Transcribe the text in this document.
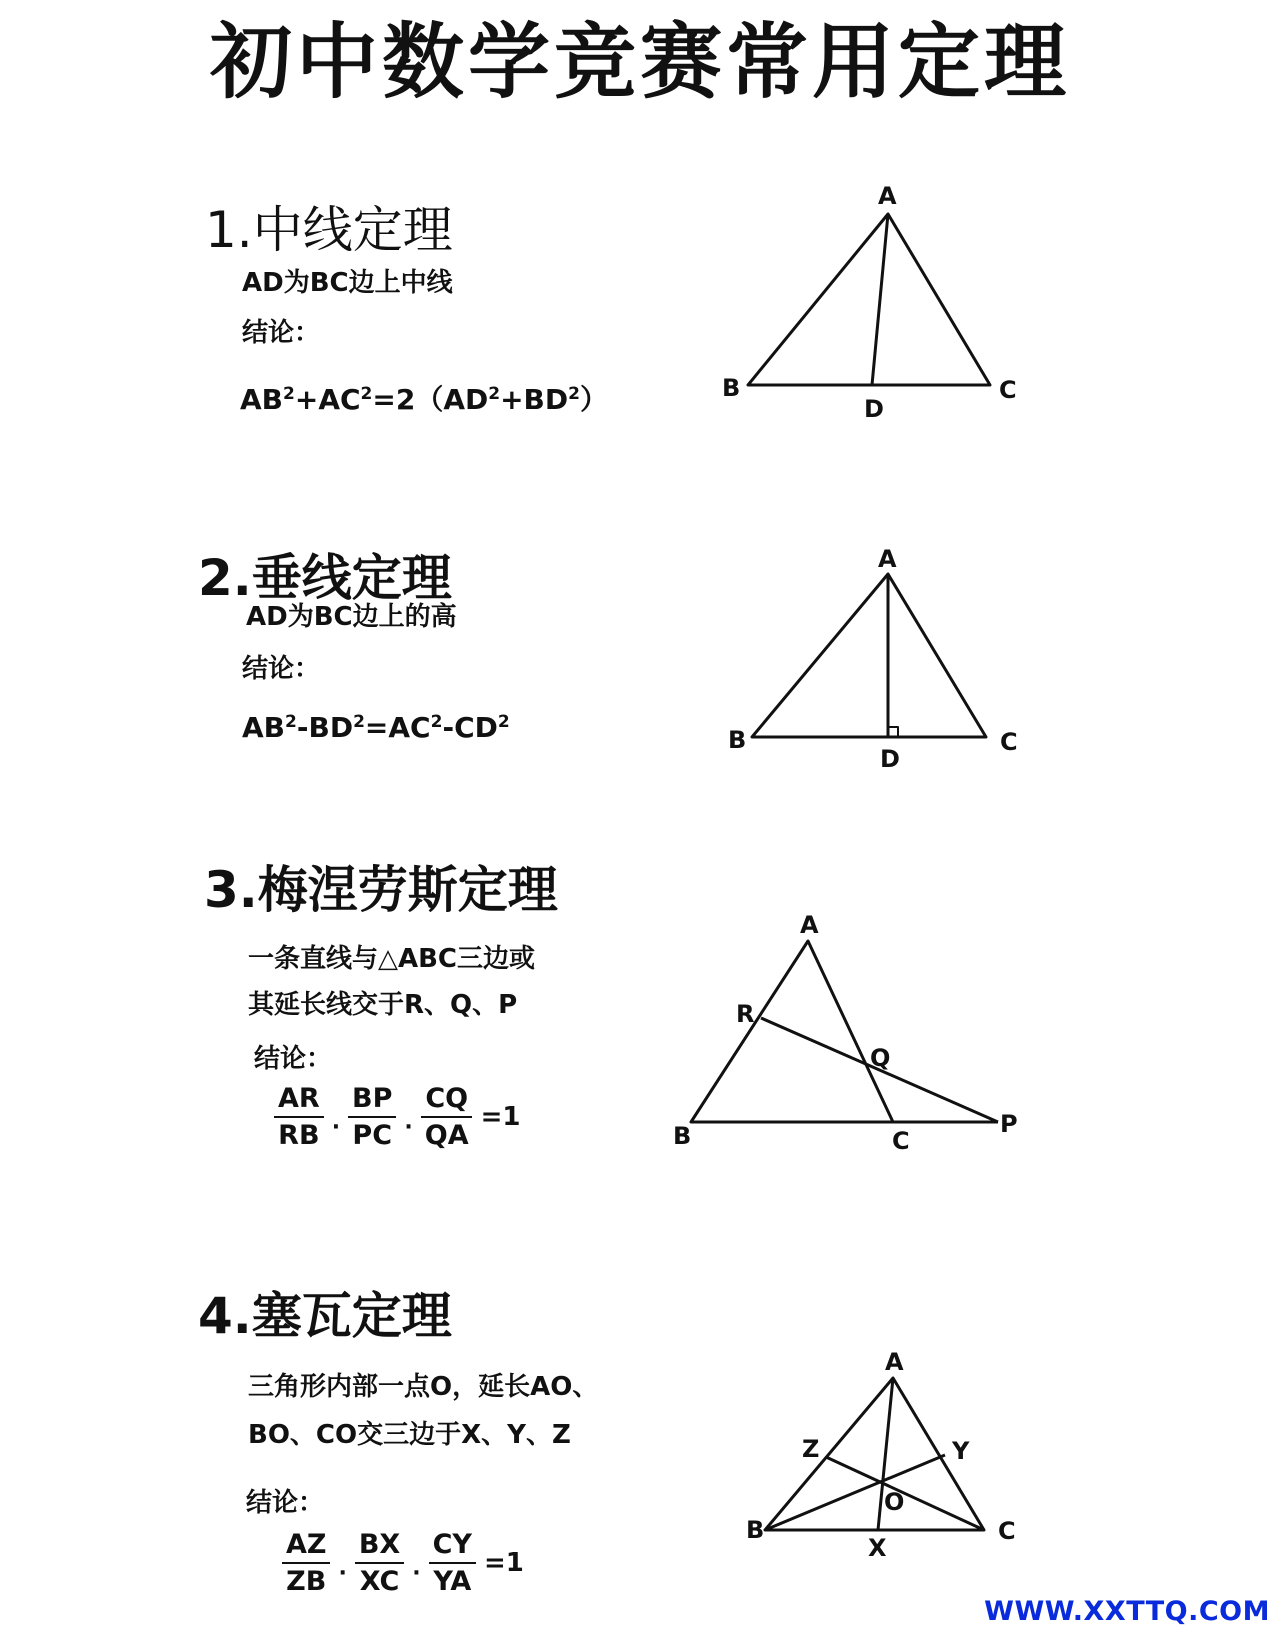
初中数学竞赛常用定理
1.中线定理
AD为BC边上中线
结论：
$AB^2+AC^2=2(AD^2+BD^2)$
2.垂线定理
AD为BC边上的高
结论：
$AB^2-BD^2=AC^2-CD^2$
3.梅涅劳斯定理
一条直线与△ABC三边或
其延长线交于R、Q、P
结论：
$\frac{AR}{RB} \cdot \frac{BP}{PC} \cdot \frac{CQ}{QA} =1$
4.塞瓦定理
三角形内部一点O，延长AO、
BO、CO交三边于X、Y、Z
结论：
$\frac{AZ}{ZB} \cdot \frac{BX}{XC} \cdot \frac{CY}{YA} =1$
A
B	C
D
A
B	C
D
A
B	C
R
Q
P
A
B	C
Z	Y
O
X
WWW.XXTTQ.COM
